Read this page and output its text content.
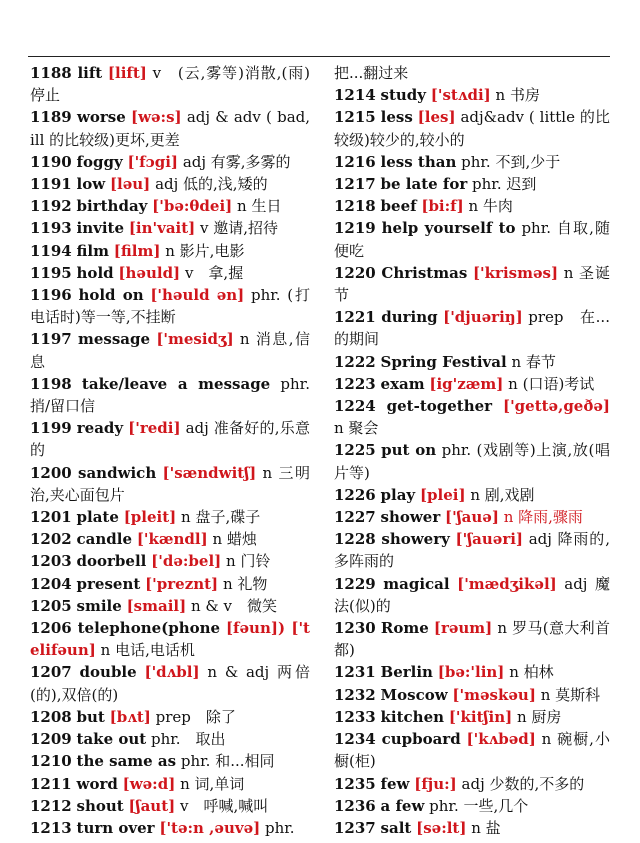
1188 lift [lift] v　(云,雾等)消散,(雨)停止

1189 worse [wə:s] adj & adv ( bad,ill 的比较级)更坏,更差

1190 foggy ['fɔgi] adj 有雾,多雾的

1191 low [ləu] adj 低的,浅,矮的

1192 birthday ['bə:θdei] n 生日

1193 invite [in'vait] v 邀请,招待

1194 film [film] n 影片,电影

1195 hold [həuld] v　拿,握

1196 hold on ['həuld ən] phr. (打电话时)等一等,不挂断

1197 message ['mesidʒ] n 消息,信息

1198 take/leave a message phr. 捎/留口信

1199 ready ['redi] adj 准备好的,乐意的

1200 sandwich ['sændwitʃ] n 三明治,夹心面包片

1201 plate [pleit] n 盘子,碟子

1202 candle ['kændl] n 蜡烛

1203 doorbell ['də:bel] n 门铃

1204 present ['preznt] n 礼物

1205 smile [smail] n & v　微笑

1206 telephone(phone [fəun]) ['telifəun] n 电话,电话机

1207 double ['dʌbl] n & adj 两倍(的),双倍(的)

1208 but [bʌt] prep　除了

1209 take out phr.　取出

1210 the same as phr. 和...相同

1211 word [wə:d] n 词,单词

1212 shout [ʃaut] v　呼喊,喊叫

1213 turn over ['tə:n ,əuvə] phr.

把...翻过来

1214 study ['stʌdi] n 书房

1215 less [les] adj&adv ( little 的比较级)较少的,较小的

1216 less than phr. 不到,少于

1217 be late for phr. 迟到

1218 beef [bi:f] n 牛肉

1219 help yourself to phr. 自取,随便吃

1220 Christmas ['krisməs] n 圣诞节

1221 during ['djuəriŋ] prep　在...的期间

1222 Spring Festival n 春节

1223 exam [ig'zæm] n (口语)考试

1224 get-together ['gettə,geðə] n 聚会

1225 put on phr. (戏剧等)上演,放(唱片等)

1226 play [plei] n 剧,戏剧

1227 shower ['ʃauə] n 降雨,骤雨

1228 showery ['ʃauəri] adj 降雨的,多阵雨的

1229 magical ['mædʒikəl] adj 魔法(似)的

1230 Rome [rəum] n 罗马(意大利首都)

1231 Berlin [bə:'lin] n 柏林

1232 Moscow ['məskəu] n 莫斯科

1233 kitchen ['kitʃin] n 厨房

1234 cupboard ['kʌbəd] n 碗橱,小橱(柜)

1235 few [fju:] adj 少数的,不多的

1236 a few phr. 一些,几个

1237 salt [sə:lt] n 盐
